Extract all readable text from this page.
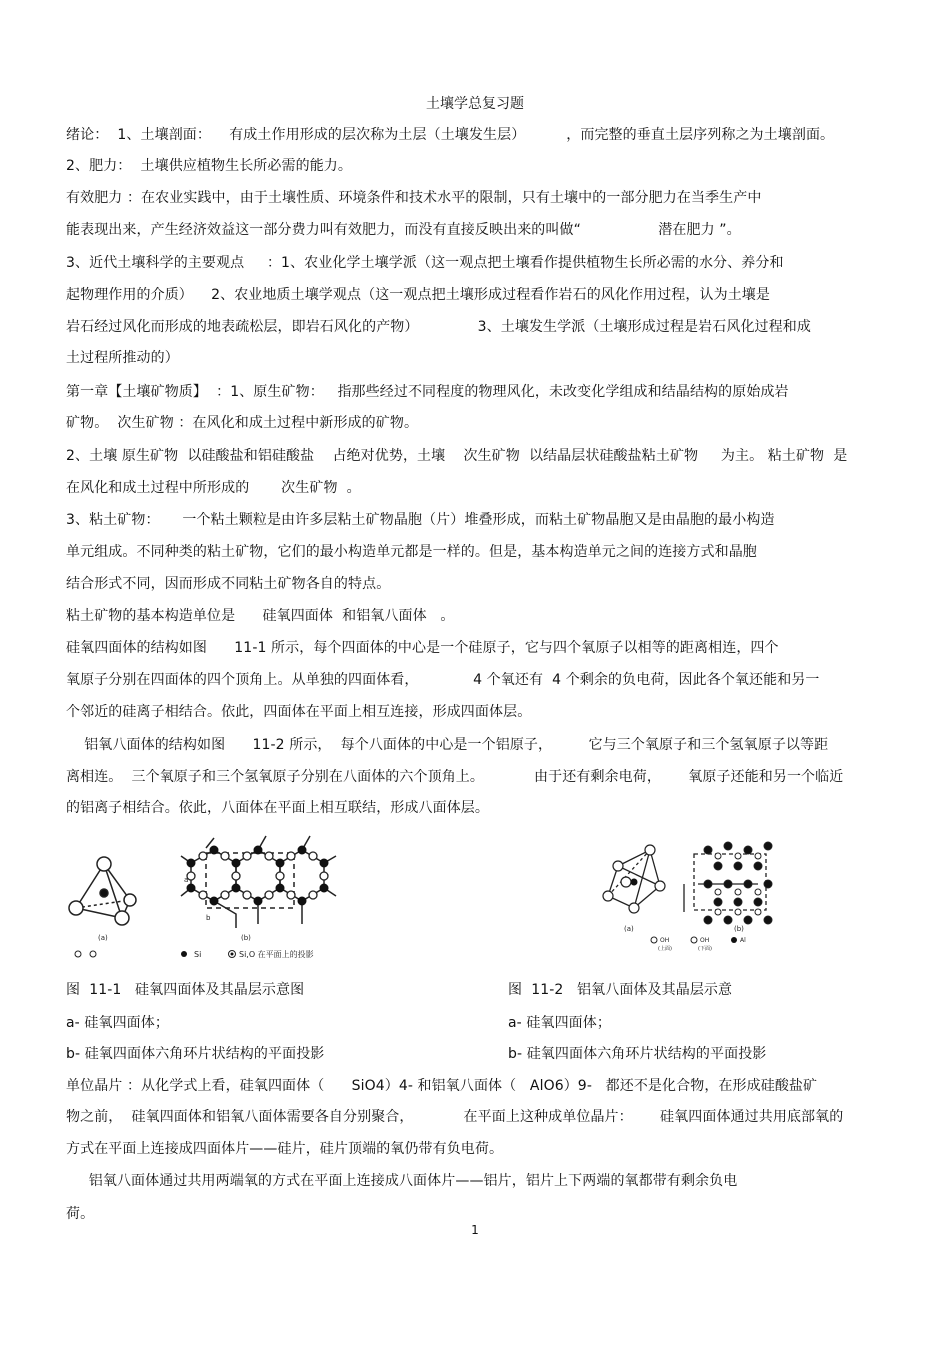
土壤学总复习题
绪论：  1、土壤剖面：    有成土作用形成的层次称为土层（土壤发生层）         ，而完整的垂直土层序列称之为土壤剖面。
2、肥力：  土壤供应植物生长所必需的能力。
有效肥力 ：在农业实践中，由于土壤性质、环境条件和技术水平的限制，只有土壤中的一部分肥力在当季生产中
能表现出来，产生经济效益这一部分费力叫有效肥力，而没有直接反映出来的叫做“                 潜在肥力 ”。
3、近代土壤科学的主要观点     ：1、农业化学土壤学派（这一观点把土壤看作提供植物生长所必需的水分、养分和
起物理作用的介质）    2、农业地质土壤学观点（这一观点把土壤形成过程看作岩石的风化作用过程，认为土壤是
岩石经过风化而形成的地表疏松层，即岩石风化的产物）             3、土壤发生学派（土壤形成过程是岩石风化过程和成
土过程所推动的）
第一章【土壤矿物质】  ：1、原生矿物：   指那些经过不同程度的物理风化，未改变化学组成和结晶结构的原始成岩
矿物。  次生矿物 ：在风化和成土过程中新形成的矿物。
2、土壤 原生矿物  以硅酸盐和铝硅酸盐    占绝对优势，土壤    次生矿物  以结晶层状硅酸盐粘土矿物     为主。 粘土矿物  是
在风化和成土过程中所形成的       次生矿物  。
3、粘土矿物：     一个粘土颗粒是由许多层粘土矿物晶胞（片）堆叠形成，而粘土矿物晶胞又是由晶胞的最小构造
单元组成。不同种类的粘土矿物，它们的最小构造单元都是一样的。但是，基本构造单元之间的连接方式和晶胞
结合形式不同，因而形成不同粘土矿物各自的特点。
粘土矿物的基本构造单位是      硅氧四面体  和铝氧八面体   。
硅氧四面体的结构如图      11-1 所示，每个四面体的中心是一个硅原子，它与四个氧原子以相等的距离相连，四个
氧原子分别在四面体的四个顶角上。从单独的四面体看，            4 个氧还有  4 个剩余的负电荷，因此各个氧还能和另一
个邻近的硅离子相结合。依此，四面体在平面上相互连接，形成四面体层。
铝氧八面体的结构如图      11-2 所示，  每个八面体的中心是一个铝原子，        它与三个氧原子和三个氢氧原子以等距
离相连。  三个氧原子和三个氢氧原子分别在八面体的六个顶角上。           由于还有剩余电荷，      氧原子还能和另一个临近
的铝离子相结合。依此，八面体在平面上相互联结，形成八面体层。
a
b
(a)	(b)
Si	Si,O 在平面上的投影
(a)	(b)
OH
(上面)
OH
(下面)
Al
图  11-1   硅氧四面体及其晶层示意图	图  11-2   铝氧八面体及其晶层示意
a- 硅氧四面体；	a- 硅氧四面体；
b- 硅氧四面体六角环片状结构的平面投影	b- 硅氧四面体六角环片状结构的平面投影
单位晶片 ：从化学式上看，硅氧四面体（      SiO4）4- 和铝氧八面体（   AlO6）9-   都还不是化合物，在形成硅酸盐矿
物之前，  硅氧四面体和铝氧八面体需要各自分别聚合，           在平面上这种成单位晶片：      硅氧四面体通过共用底部氧的
方式在平面上连接成四面体片——硅片，硅片顶端的氧仍带有负电荷。
铝氧八面体通过共用两端氧的方式在平面上连接成八面体片——铝片，铝片上下两端的氧都带有剩余负电
荷。
1
